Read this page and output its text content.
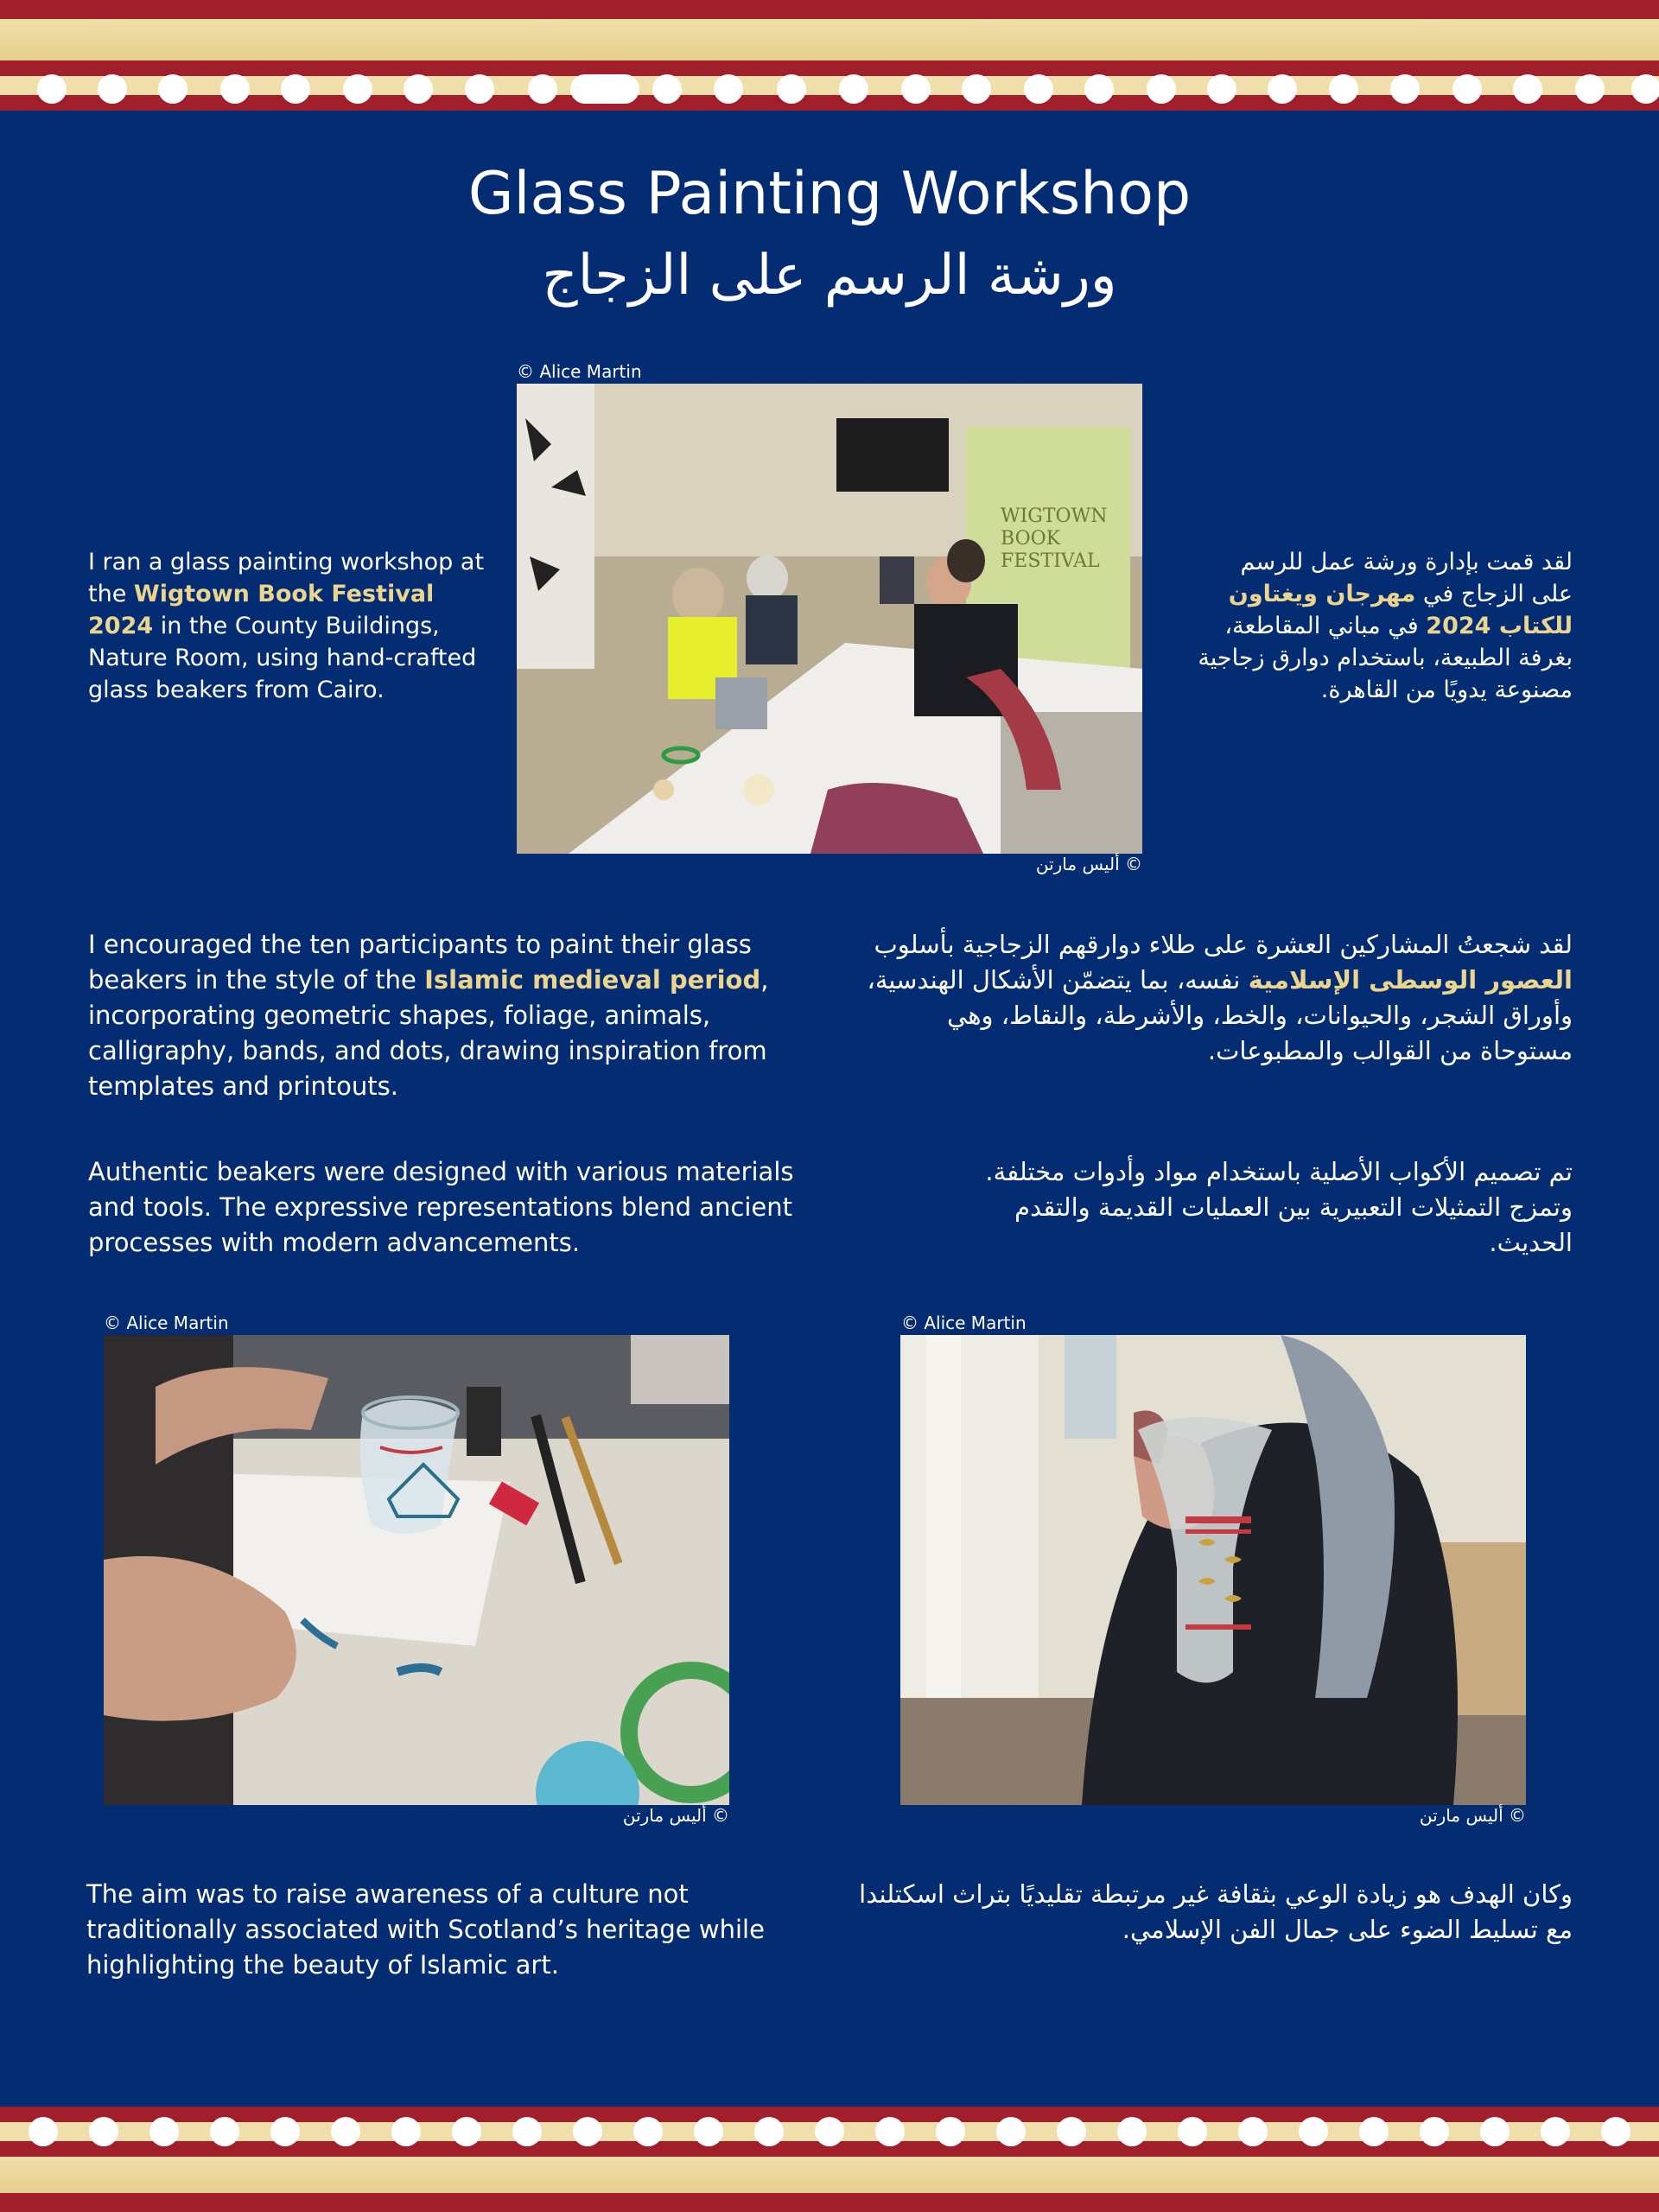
Glass Painting Workshop
ورشة الرسم على الزجاج
© Alice Martin
WIGTOWN
BOOK
FESTIVAL
© أليس مارتن

I ran a glass painting workshop at the Wigtown Book Festival 2024 in the County Buildings, Nature Room, using hand-crafted glass beakers from Cairo.

لقد قمت بإدارة ورشة عمل للرسم على الزجاج في مهرجان ويغتاون للكتاب 2024 في مباني المقاطعة، بغرفة الطبيعة، باستخدام دوارق زجاجية مصنوعة يدويًا من القاهرة.

I encouraged the ten participants to paint their glass beakers in the style of the Islamic medieval period, incorporating geometric shapes, foliage, animals, calligraphy, bands, and dots, drawing inspiration from templates and printouts.

لقد شجعتُ المشاركين العشرة على طلاء دوارقهم الزجاجية بأسلوب العصور الوسطى الإسلامية نفسه، بما يتضمّن الأشكال الهندسية، وأوراق الشجر، والحيوانات، والخط، والأشرطة، والنقاط، وهي مستوحاة من القوالب والمطبوعات.

Authentic beakers were designed with various materials and tools. The expressive representations blend ancient processes with modern advancements.

تم تصميم الأكواب الأصلية باستخدام مواد وأدوات مختلفة. وتمزج التمثيلات التعبيرية بين العمليات القديمة والتقدم الحديث.

© Alice Martin
© أليس مارتن
© Alice Martin
© أليس مارتن

The aim was to raise awareness of a culture not traditionally associated with Scotland’s heritage while highlighting the beauty of Islamic art.

وكان الهدف هو زيادة الوعي بثقافة غير مرتبطة تقليديًا بتراث اسكتلندا مع تسليط الضوء على جمال الفن الإسلامي.
